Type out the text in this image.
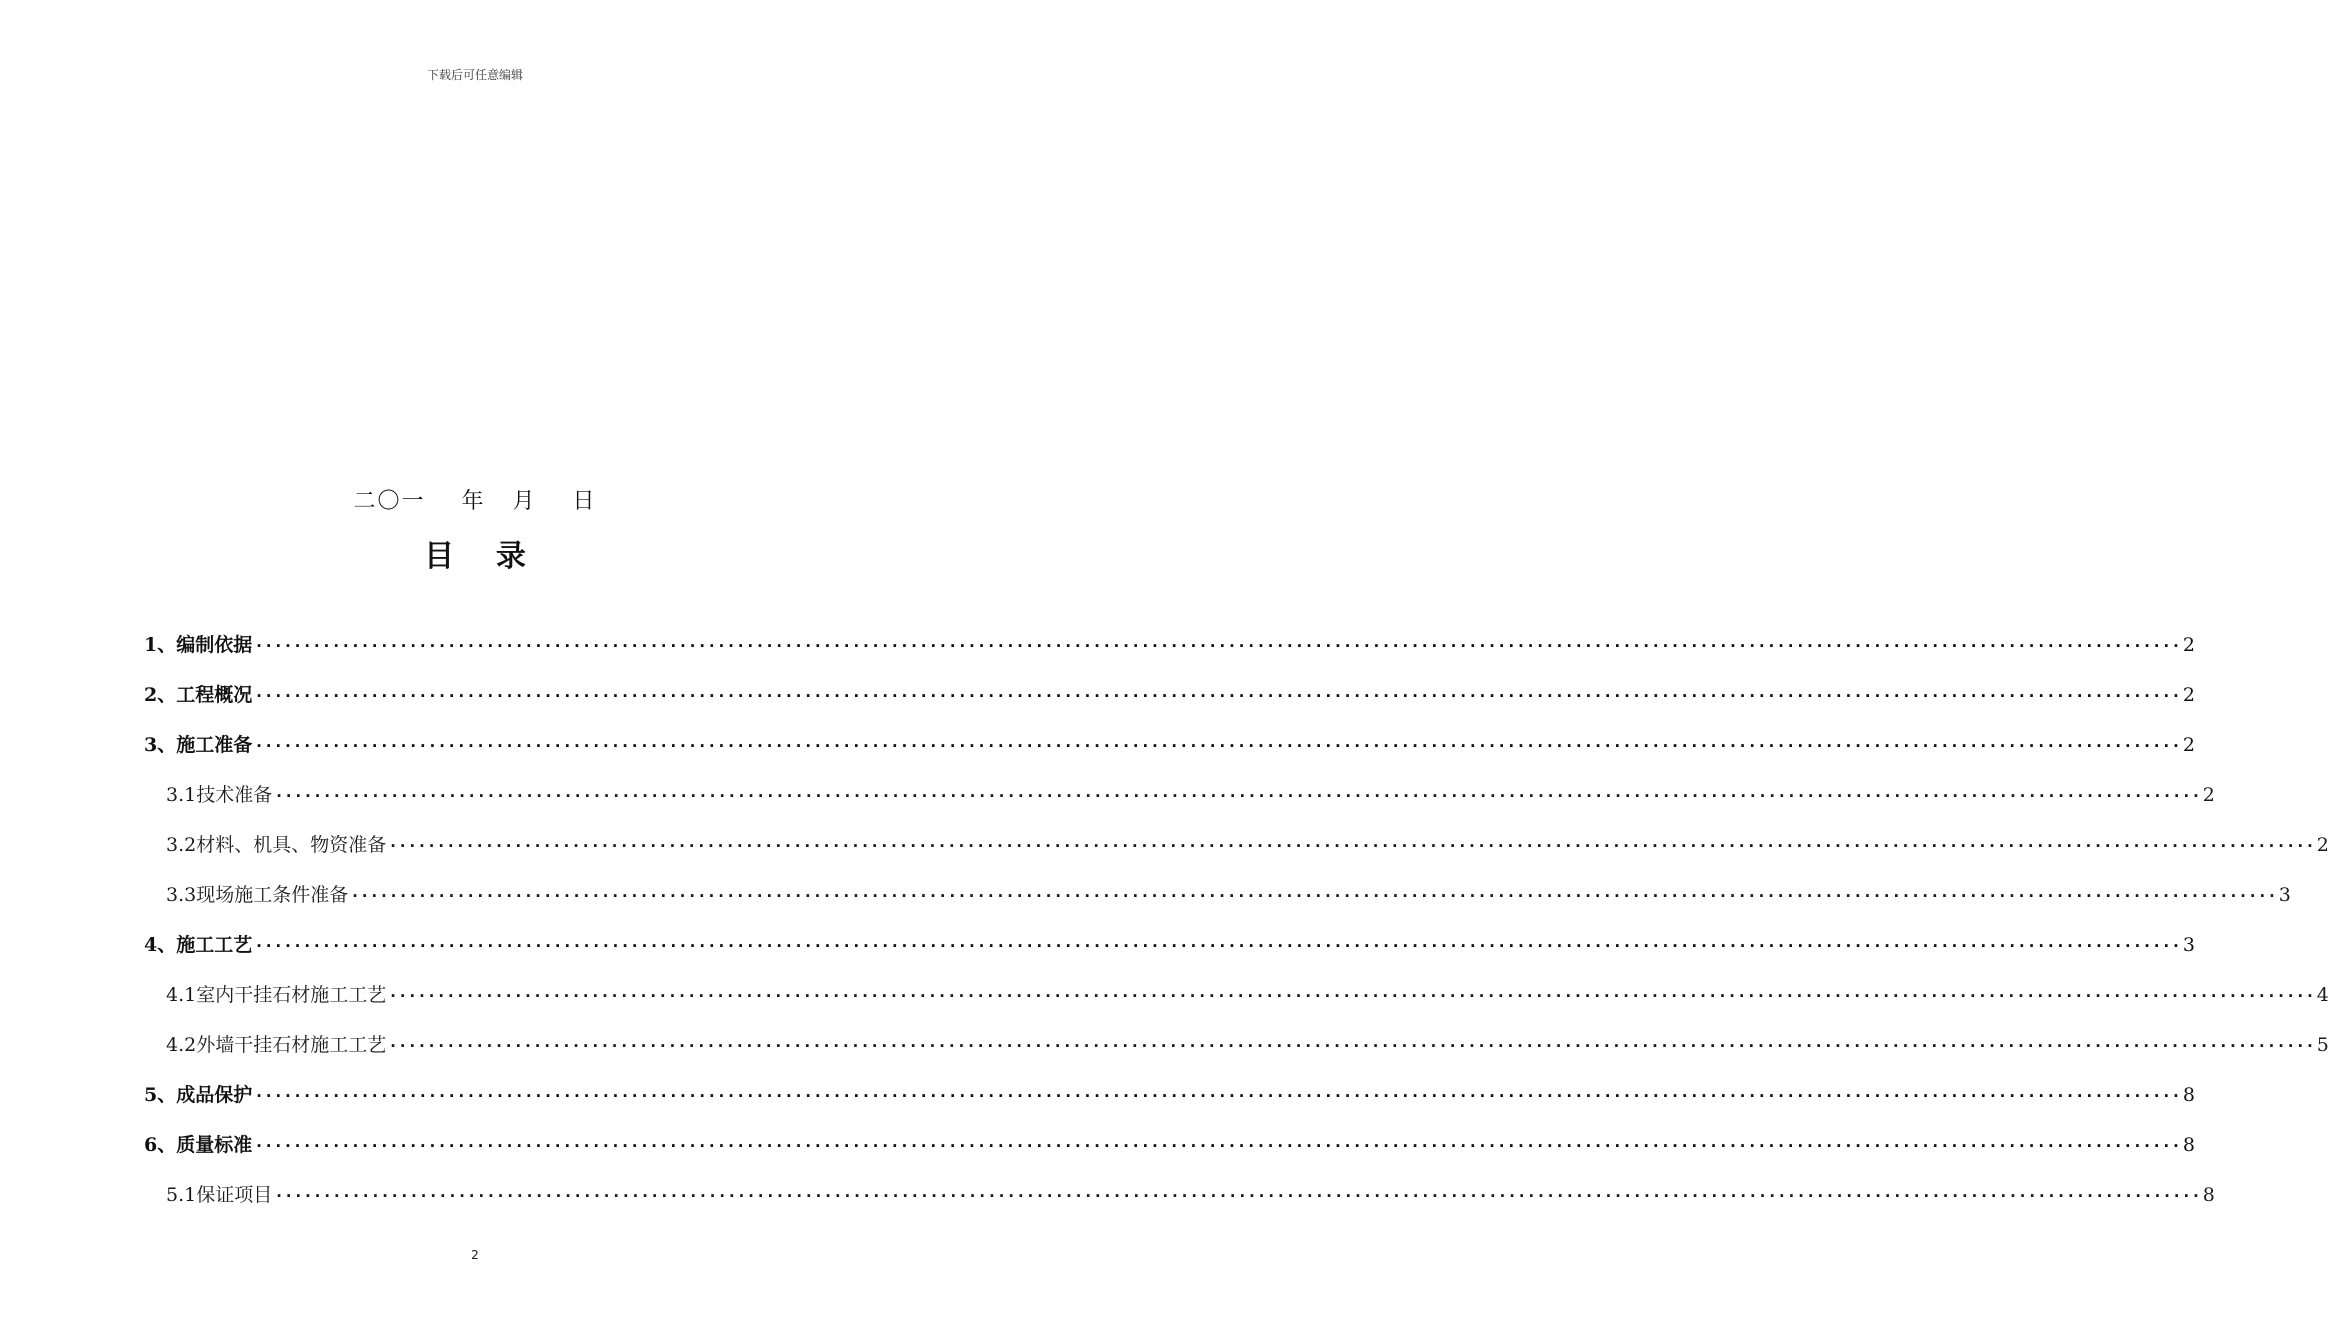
下载后可任意编辑
二〇一    年   月    日
目    录
1 、编制依据 ········································································································································································································ 2
2 、工程概况 ········································································································································································································ 2
3 、施工准备 ········································································································································································································ 2
3.1 技术准备 ········································································································································································································ 2
3.2 材料、机具、物资准备 ········································································································································································································ 2
3.3 现场施工条件准备 ········································································································································································································ 3
4 、施工工艺 ········································································································································································································ 3
4.1 室内干挂石材施工工艺 ········································································································································································································ 4
4.2 外墙干挂石材施工工艺 ········································································································································································································ 5
5 、成品保护 ········································································································································································································ 8
6 、质量标准 ········································································································································································································ 8
5.1 保证项目 ········································································································································································································ 8
2
